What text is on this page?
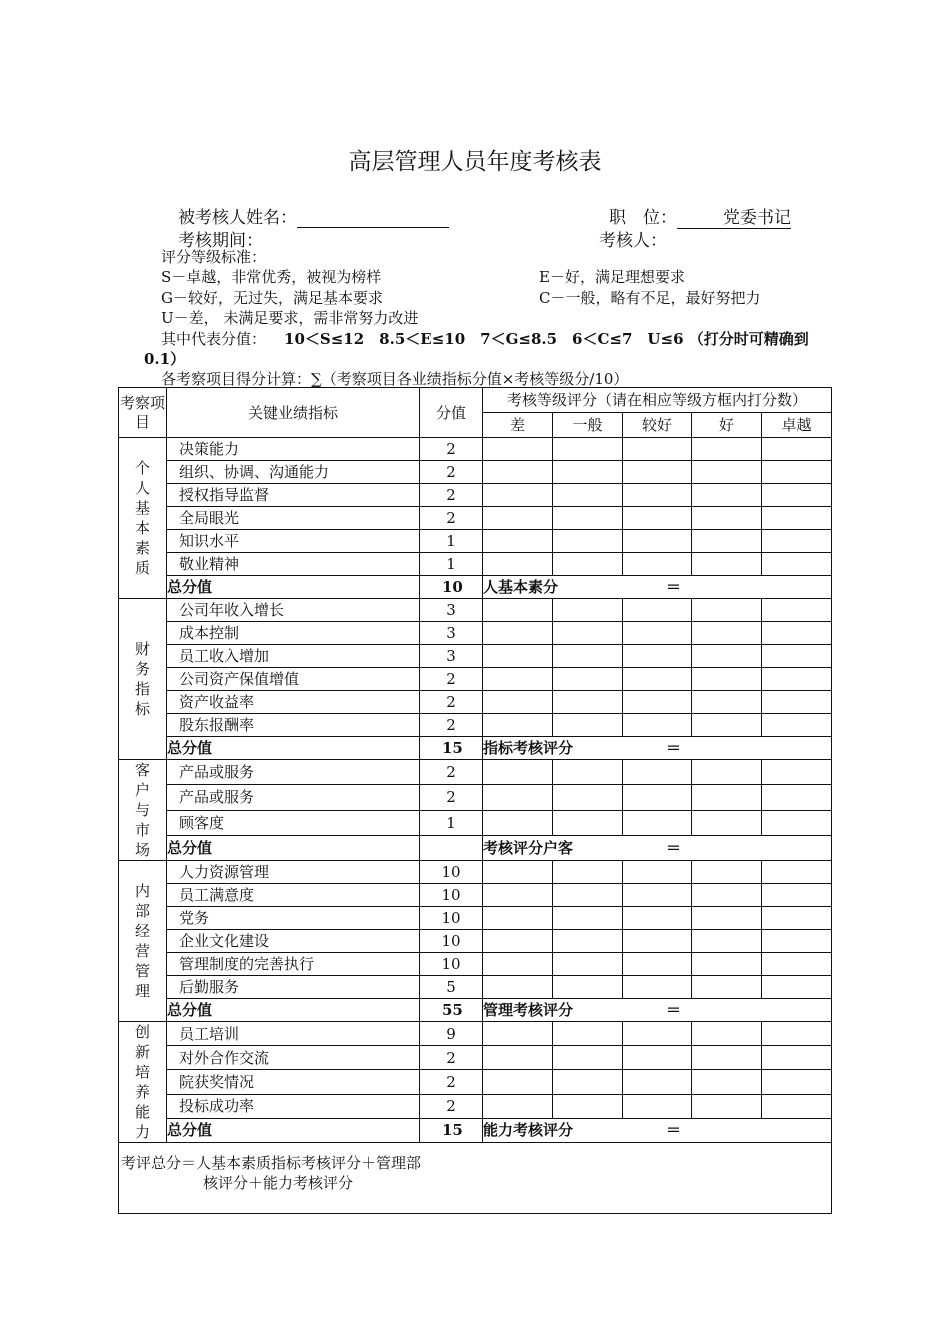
高层管理人员年度考核表
被考核人姓名：	职　位：	党委书记
考核期间：	考核人：
评分等级标准：
S－卓越，非常优秀，被视为榜样	E－好，满足理想要求
G－较好，无过失，满足基本要求	C－一般，略有不足，最好努把力
U－差， 未满足要求，需非常努力改进
其中代表分值： 10＜S≤12　8.5＜E≤10　7＜G≤8.5　6＜C≤7　U≤6 （打分时可精确到
0.1）
各考察项目得分计算：∑（考察项目各业绩指标分值×考核等级分/10）
考察项目	关键业绩指标	分值	考核等级评分（请在相应等级方框内打分数）				
			差	一般	较好	好	卓越
个人基本素质	决策能力	2					
	组织、协调、沟通能力	2					
	授权指导监督	2					
	全局眼光	2					
	知识水平	1					
	敬业精神	1					
	总分值	10	人基本素分 ＝				

财务指标	公司年收入增长	3					
	成本控制	3					
	员工收入增加	3					
	公司资产保值增值	2					
	资产收益率	2					
	股东报酬率	2					
	总分值	15	指标考核评分 ＝				

客户与市场	产品或服务	2					
	产品或服务	2					
	顾客度	1					
	总分值		考核评分户客 ＝				

内部经营管理	人力资源管理	10					
	员工满意度	10					
	党务	10					
	企业文化建设	10					
	管理制度的完善执行	10					
	后勤服务	5					
	总分值	55	管理考核评分 ＝				

创新培养能力	员工培训	9					
	对外合作交流	2					
	院获奖情况	2					
	投标成功率	2					
	总分值	15	能力考核评分 ＝				

考评总分＝人基本素质指标考核评分＋管理部
核评分＋能力考核评分							
